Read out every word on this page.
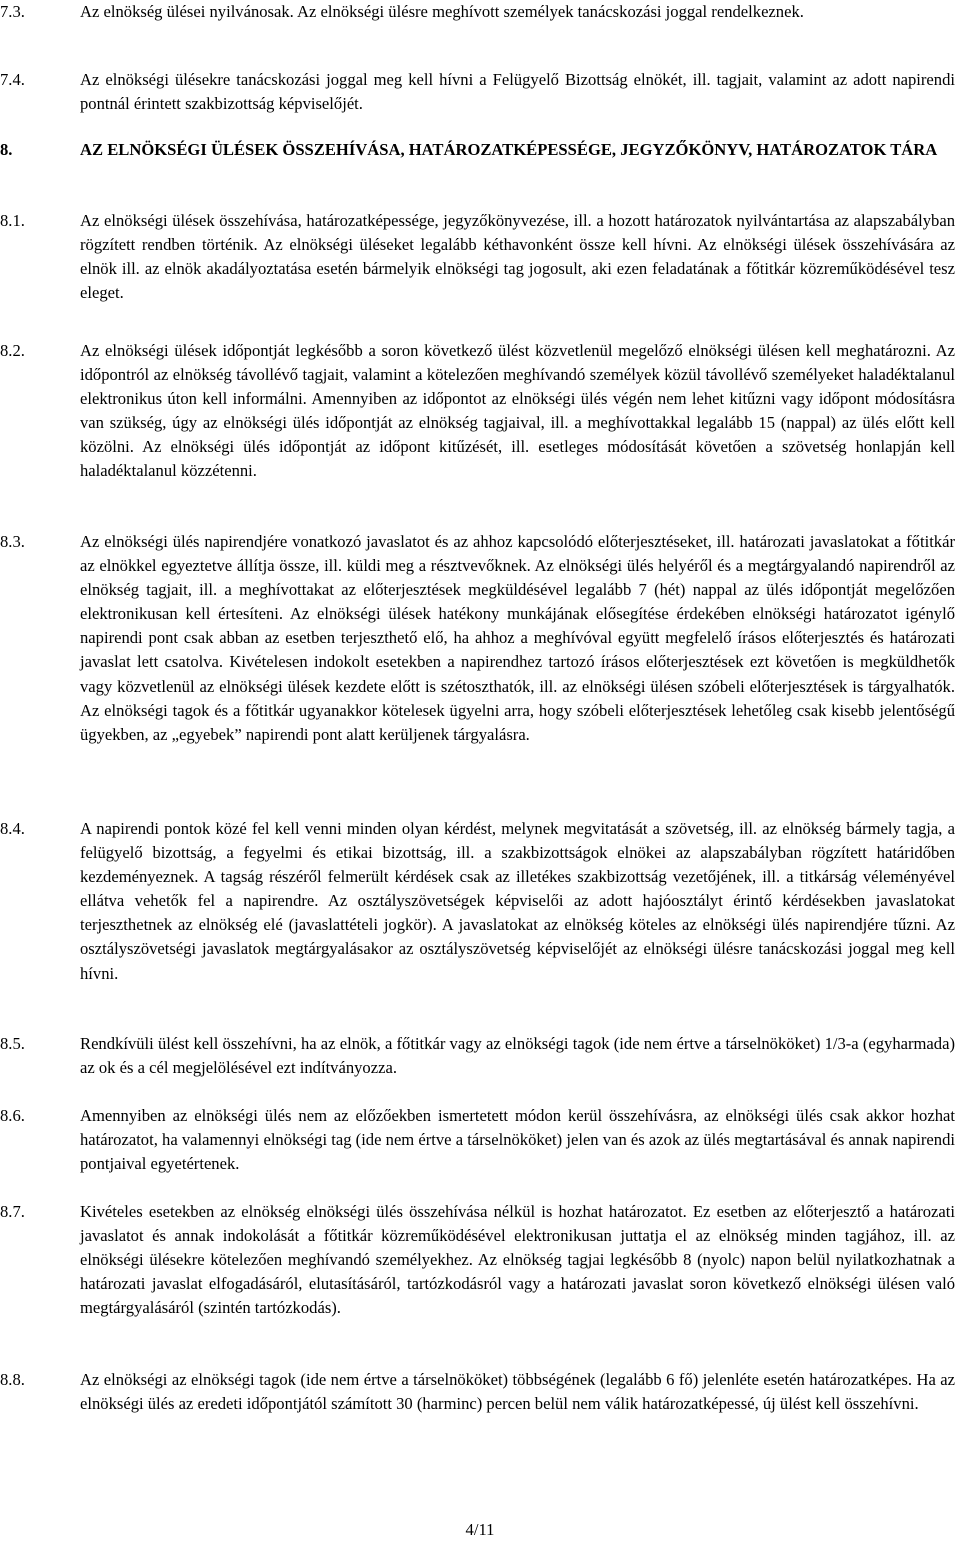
7.3.	Az elnökség ülései nyilvánosak. Az elnökségi ülésre meghívott személyek tanácskozási joggal rendelkeznek.
7.4.	Az elnökségi ülésekre tanácskozási joggal meg kell hívni a Felügyelő Bizottság elnökét, ill. tagjait, valamint az adott napirendi pontnál érintett szakbizottság képviselőjét.
8.	AZ ELNÖKSÉGI ÜLÉSEK ÖSSZEHÍVÁSA, HATÁROZATKÉPESSÉGE, JEGYZŐKÖNYV, HATÁROZATOK TÁRA
8.1.	Az elnökségi ülések összehívása, határozatképessége, jegyzőkönyvezése, ill. a hozott határozatok nyilvántartása az alapszabályban rögzített rendben történik. Az elnökségi üléseket legalább kéthavonként össze kell hívni. Az elnökségi ülések összehívására az elnök ill. az elnök akadályoztatása esetén bármelyik elnökségi tag jogosult, aki ezen feladatának a főtitkár közreműködésével tesz eleget.
8.2.	Az elnökségi ülések időpontját legkésőbb a soron következő ülést közvetlenül megelőző elnökségi ülésen kell meghatározni. Az időpontról az elnökség távollévő tagjait, valamint a kötelezően meghívandó személyek közül távollévő személyeket haladéktalanul elektronikus úton kell informálni. Amennyiben az időpontot az elnökségi ülés végén nem lehet kitűzni vagy időpont módosításra van szükség, úgy az elnökségi ülés időpontját az elnökség tagjaival, ill. a meghívottakkal legalább 15 (nappal) az ülés előtt kell közölni. Az elnökségi ülés időpontját az időpont kitűzését, ill. esetleges módosítását követően a szövetség honlapján kell haladéktalanul közzétenni.
8.3.	Az elnökségi ülés napirendjére vonatkozó javaslatot és az ahhoz kapcsolódó előterjesztéseket, ill. határozati javaslatokat a főtitkár az elnökkel egyeztetve állítja össze, ill. küldi meg a résztvevőknek. Az elnökségi ülés helyéről és a megtárgyalandó napirendről az elnökség tagjait, ill. a meghívottakat az előterjesztések megküldésével legalább 7 (hét) nappal az ülés időpontját megelőzően elektronikusan kell értesíteni. Az elnökségi ülések hatékony munkájának elősegítése érdekében elnökségi határozatot igénylő napirendi pont csak abban az esetben terjeszthető elő, ha ahhoz a meghívóval együtt megfelelő írásos előterjesztés és határozati javaslat lett csatolva. Kivételesen indokolt esetekben a napirendhez tartozó írásos előterjesztések ezt követően is megküldhetők vagy közvetlenül az elnökségi ülések kezdete előtt is szétoszthatók, ill. az elnökségi ülésen szóbeli előterjesztések is tárgyalhatók. Az elnökségi tagok és a főtitkár ugyanakkor kötelesek ügyelni arra, hogy szóbeli előterjesztések lehetőleg csak kisebb jelentőségű ügyekben, az „egyebek” napirendi pont alatt kerüljenek tárgyalásra.
8.4.	A napirendi pontok közé fel kell venni minden olyan kérdést, melynek megvitatását a szövetség, ill. az elnökség bármely tagja, a felügyelő bizottság, a fegyelmi és etikai bizottság, ill. a szakbizottságok elnökei az alapszabályban rögzített határidőben kezdeményeznek. A tagság részéről felmerült kérdések csak az illetékes szakbizottság vezetőjének, ill. a titkárság véleményével ellátva vehetők fel a napirendre. Az osztályszövetségek képviselői az adott hajóosztályt érintő kérdésekben javaslatokat terjeszthetnek az elnökség elé (javaslattételi jogkör). A javaslatokat az elnökség köteles az elnökségi ülés napirendjére tűzni. Az osztályszövetségi javaslatok megtárgyalásakor az osztályszövetség képviselőjét az elnökségi ülésre tanácskozási joggal meg kell hívni.
8.5.	Rendkívüli ülést kell összehívni, ha az elnök, a főtitkár vagy az elnökségi tagok (ide nem értve a társelnököket) 1/3-a (egyharmada) az ok és a cél megjelölésével ezt indítványozza.
8.6.	Amennyiben az elnökségi ülés nem az előzőekben ismertetett módon kerül összehívásra, az elnökségi ülés csak akkor hozhat határozatot, ha valamennyi elnökségi tag (ide nem értve a társelnököket) jelen van és azok az ülés megtartásával és annak napirendi pontjaival egyetértenek.
8.7.	Kivételes esetekben az elnökség elnökségi ülés összehívása nélkül is hozhat határozatot. Ez esetben az előterjesztő a határozati javaslatot és annak indokolását a főtitkár közreműködésével elektronikusan juttatja el az elnökség minden tagjához, ill. az elnökségi ülésekre kötelezően meghívandó személyekhez. Az elnökség tagjai legkésőbb 8 (nyolc) napon belül nyilatkozhatnak a határozati javaslat elfogadásáról, elutasításáról, tartózkodásról vagy a határozati javaslat soron következő elnökségi ülésen való megtárgyalásáról (szintén tartózkodás).
8.8.	Az elnökségi az elnökségi tagok (ide nem értve a társelnököket) többségének (legalább 6 fő) jelenléte esetén határozatképes. Ha az elnökségi ülés az eredeti időpontjától számított 30 (harminc) percen belül nem válik határozatképessé, új ülést kell összehívni.
4/11
